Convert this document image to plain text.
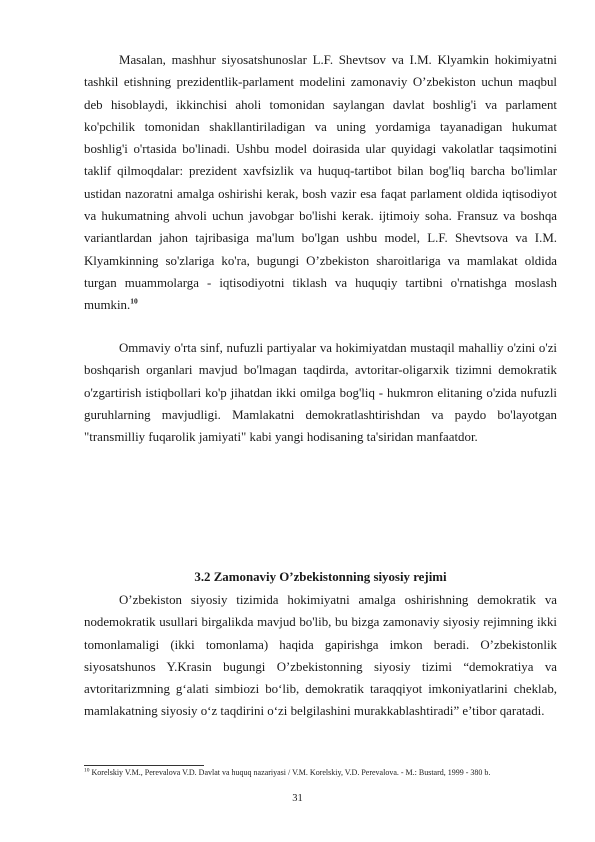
Masalan, mashhur siyosatshunoslar L.F. Shevtsov va I.M. Klyamkin hokimiyatni tashkil etishning prezidentlik-parlament modelini zamonaviy O’zbekiston uchun maqbul deb hisoblaydi, ikkinchisi aholi tomonidan saylangan davlat boshlig'i va parlament ko'pchilik tomonidan shakllantiriladigan va uning yordamiga tayanadigan hukumat boshlig'i o'rtasida bo'linadi. Ushbu model doirasida ular quyidagi vakolatlar taqsimotini taklif qilmoqdalar: prezident xavfsizlik va huquq-tartibot bilan bog'liq barcha bo'limlar ustidan nazoratni amalga oshirishi kerak, bosh vazir esa faqat parlament oldida iqtisodiyot va hukumatning ahvoli uchun javobgar bo'lishi kerak. ijtimoiy soha. Fransuz va boshqa variantlardan jahon tajribasiga ma'lum bo'lgan ushbu model, L.F. Shevtsova va I.M. Klyamkinning so'zlariga ko'ra, bugungi O’zbekiston sharoitlariga va mamlakat oldida turgan muammolarga - iqtisodiyotni tiklash va huquqiy tartibni o'rnatishga moslash mumkin.$^{10}$

Ommaviy o'rta sinf, nufuzli partiyalar va hokimiyatdan mustaqil mahalliy o'zini o'zi boshqarish organlari mavjud bo'lmagan taqdirda, avtoritar-oligarxik tizimni demokratik o'zgartirish istiqbollari ko'p jihatdan ikki omilga bog'liq - hukmron elitaning o'zida nufuzli guruhlarning mavjudligi. Mamlakatni demokratlashtirishdan va paydo bo'layotgan "transmilliy fuqarolik jamiyati" kabi yangi hodisaning ta'siridan manfaatdor.

3.2 Zamonaviy O’zbekistonning siyosiy rejimi

O’zbekiston siyosiy tizimida hokimiyatni amalga oshirishning demokratik va nodemokratik usullari birgalikda mavjud bo'lib, bu bizga zamonaviy siyosiy rejimning ikki tomonlamaligi (ikki tomonlama) haqida gapirishga imkon beradi. O’zbekistonlik siyosatshunos Y.Krasin bugungi O’zbekistonning siyosiy tizimi “demokratiya va avtoritarizmning g‘alati simbiozi bo‘lib, demokratik taraqqiyot imkoniyatlarini cheklab, mamlakatning siyosiy o‘z taqdirini o‘zi belgilashini murakkablashtiradi” e’tibor qaratadi.

$^{10}$ Korelskiy V.M., Perevalova V.D. Davlat va huquq nazariyasi / V.M. Korelskiy, V.D. Perevalova. - M.: Bustard, 1999 - 380 b.

31
